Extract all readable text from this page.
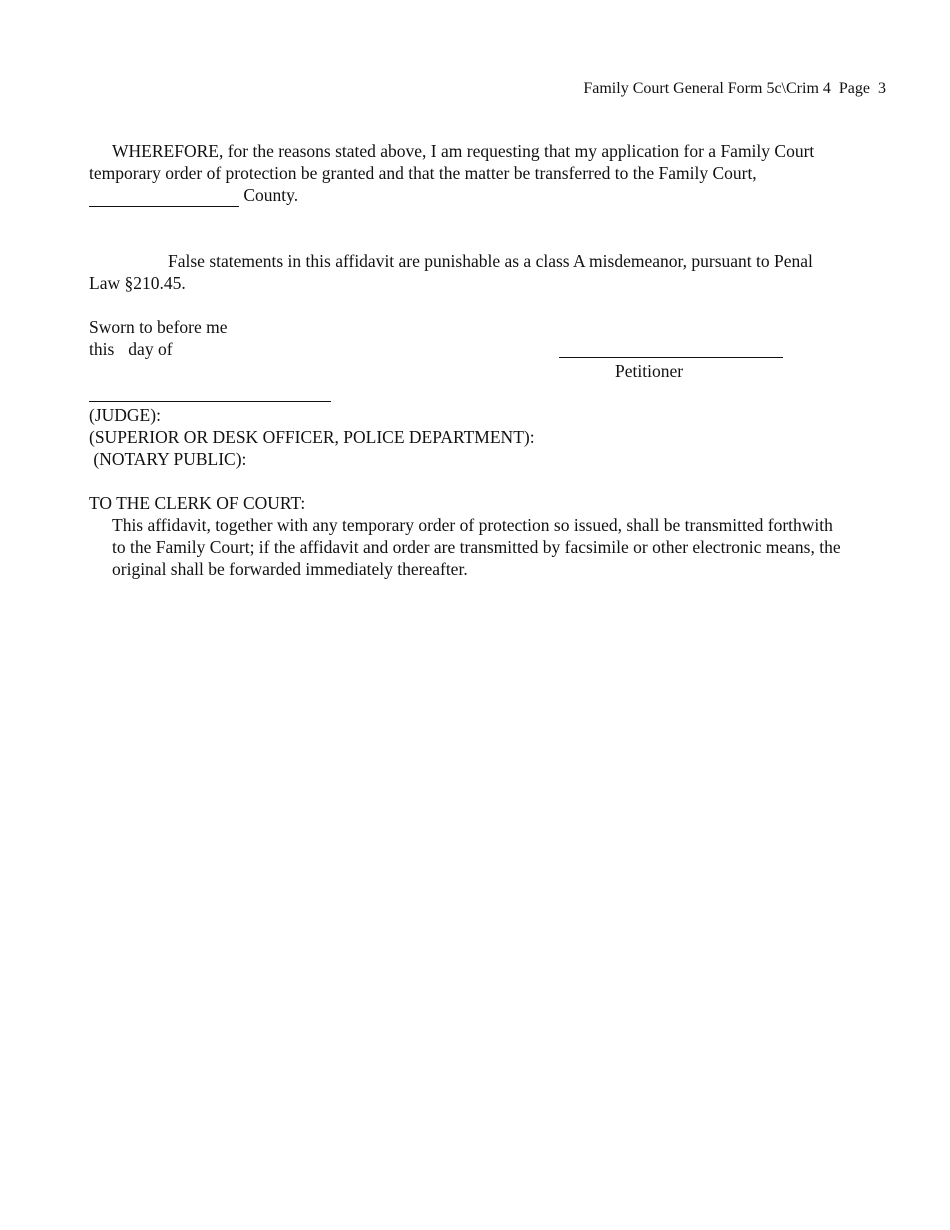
Family Court General Form 5c\Crim 4 Page 3
WHEREFORE, for the reasons stated above, I am requesting that my application for a Family Court
temporary order of protection be granted and that the matter be transferred to the Family Court,
County.
False statements in this affidavit are punishable as a class A misdemeanor, pursuant to Penal
Law §210.45.
Sworn to before me
this day of
Petitioner
(JUDGE):
(SUPERIOR OR DESK OFFICER, POLICE DEPARTMENT):
(NOTARY PUBLIC):
TO THE CLERK OF COURT:
This affidavit, together with any temporary order of protection so issued, shall be transmitted forthwith
to the Family Court; if the affidavit and order are transmitted by facsimile or other electronic means, the
original shall be forwarded immediately thereafter.
